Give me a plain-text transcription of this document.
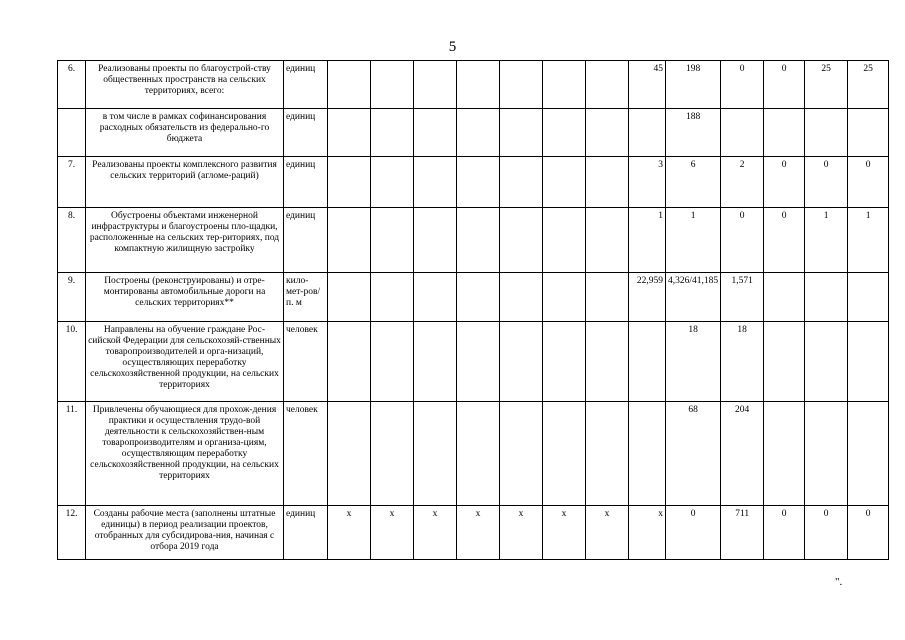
5
6.	Реализованы проекты по благоустрой-ству общественных пространств на сельских территориях, всего:	единиц								45	198	0	0	25	25
	в том числе в рамках софинансирования расходных обязательств из федерально-го бюджета	единиц									188				
7.	Реализованы проекты комплексного развития сельских территорий (агломе-раций)	единиц								3	6	2	0	0	0
8.	Обустроены объектами инженерной инфраструктуры и благоустроены пло-щадки, расположенные на сельских тер-риториях, под компактную жилищную застройку	единиц								1	1	0	0	1	1
9.	Построены (реконструированы) и отре-монтированы автомобильные дороги на сельских территориях**	кило-мет-ров/п. м								22,959	4,326/41,185	1,571			
10.	Направлены на обучение граждане Рос-сийской Федерации для сельскохозяй-ственных товаропроизводителей и орга-низаций, осуществляющих переработку сельскохозяйственной продукции, на сельских территориях	человек									18	18			
11.	Привлечены обучающиеся для прохож-дения практики и осуществления трудо-вой деятельности к сельскохозяйствен-ным товаропроизводителям и организа-циям, осуществляющим переработку сельскохозяйственной продукции, на сельских территориях	человек									68	204			
12.	Созданы рабочие места (заполнены штатные единицы) в период реализации проектов, отобранных для субсидирова-ния, начиная с отбора 2019 года	единиц	x	x	x	x	x	x	x	x	0	711	0	0	0
".
